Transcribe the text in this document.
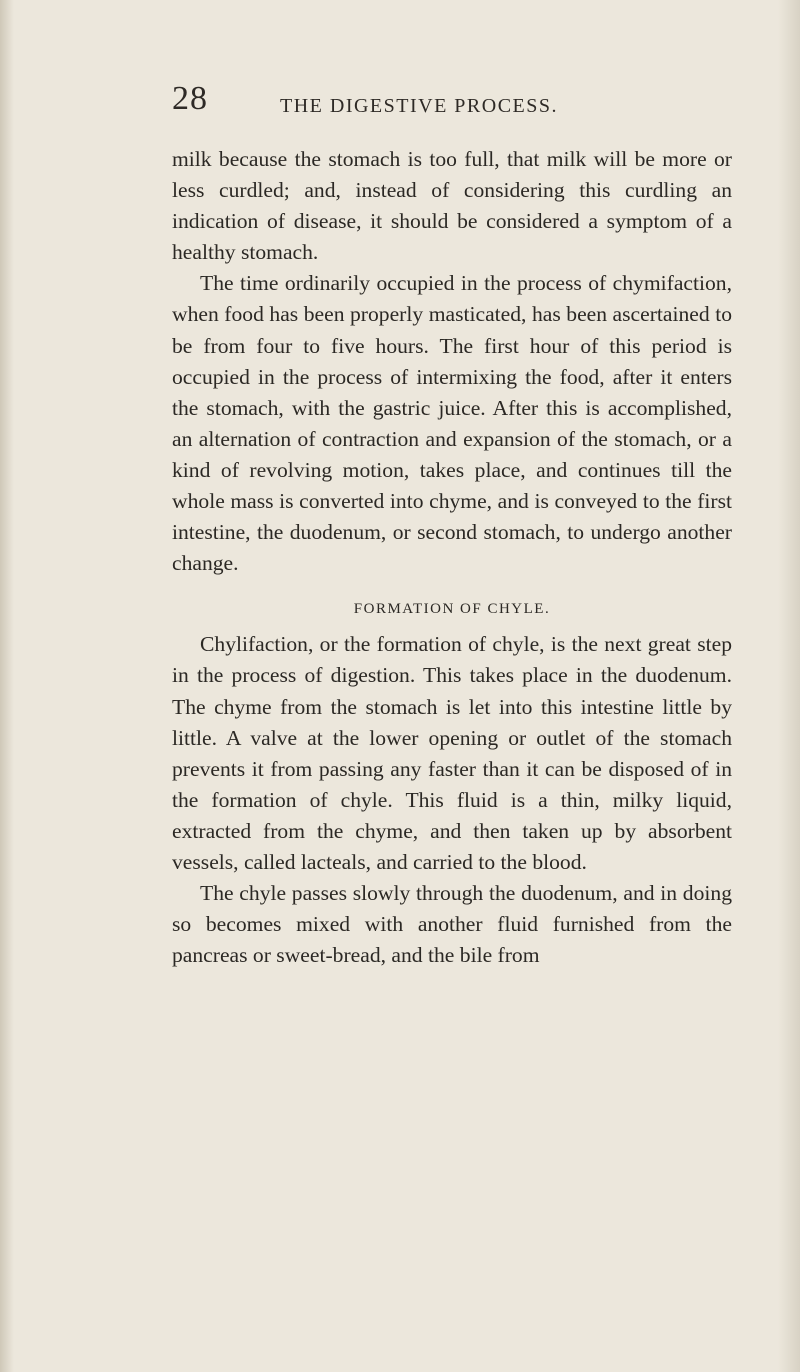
28	THE DIGESTIVE PROCESS.

milk because the stomach is too full, that milk will be more or less curdled; and, instead of considering this curdling an indication of disease, it should be considered a symptom of a healthy stomach.

The time ordinarily occupied in the process of chymifaction, when food has been properly masticated, has been ascertained to be from four to five hours. The first hour of this period is occupied in the process of intermixing the food, after it enters the stomach, with the gastric juice. After this is accomplished, an alternation of contraction and expansion of the stomach, or a kind of revolving motion, takes place, and continues till the whole mass is converted into chyme, and is conveyed to the first intestine, the duodenum, or second stomach, to undergo another change.

FORMATION OF CHYLE.

Chylifaction, or the formation of chyle, is the next great step in the process of digestion. This takes place in the duodenum. The chyme from the stomach is let into this intestine little by little. A valve at the lower opening or outlet of the stomach prevents it from passing any faster than it can be disposed of in the formation of chyle. This fluid is a thin, milky liquid, extracted from the chyme, and then taken up by absorbent vessels, called lacteals, and carried to the blood.

The chyle passes slowly through the duodenum, and in doing so becomes mixed with another fluid furnished from the pancreas or sweet-bread, and the bile from
